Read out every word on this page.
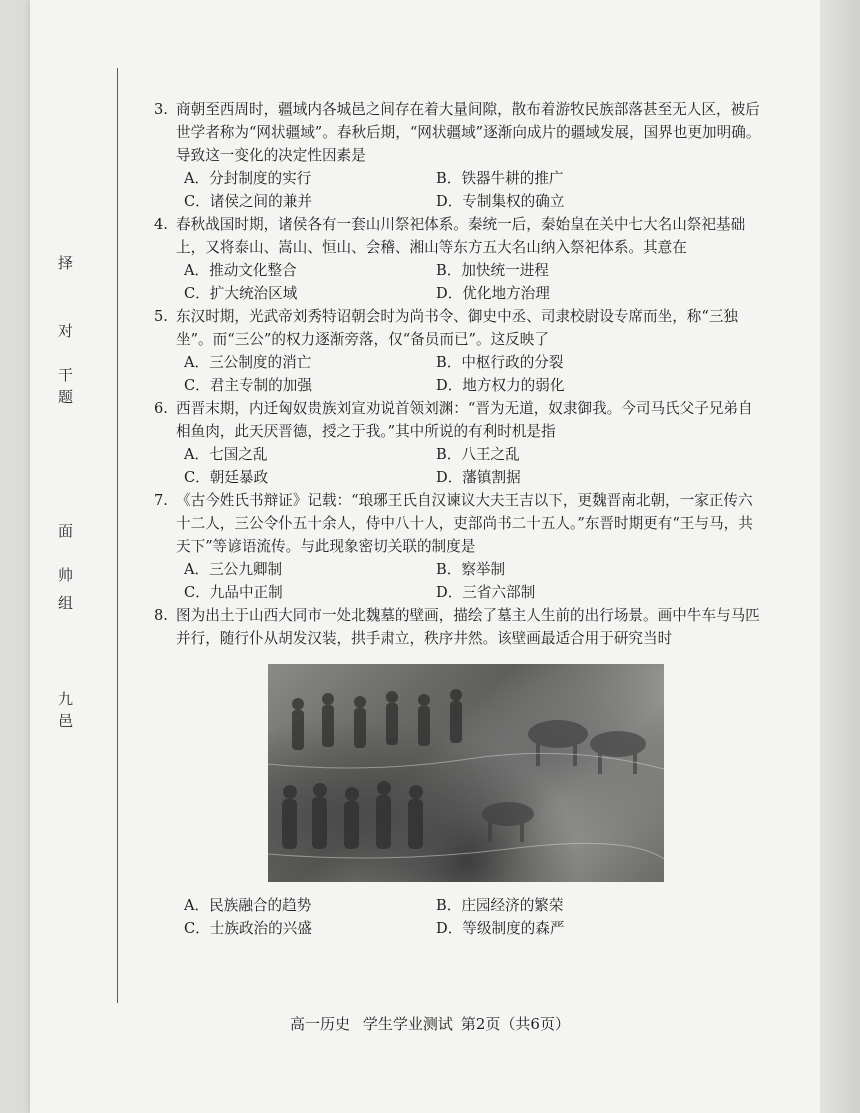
择
对
干
题
面
帅
组
九
邑
3. 商朝至西周时，疆域内各城邑之间存在着大量间隙，散布着游牧民族部落甚至无人区，被后世学者称为“网状疆域”。春秋后期，“网状疆域”逐渐向成片的疆域发展，国界也更加明确。导致这一变化的决定性因素是
A．分封制度的实行	B．铁器牛耕的推广
C．诸侯之间的兼并	D．专制集权的确立
4. 春秋战国时期，诸侯各有一套山川祭祀体系。秦统一后，秦始皇在关中七大名山祭祀基础上，又将泰山、嵩山、恒山、会稽、湘山等东方五大名山纳入祭祀体系。其意在
A．推动文化整合	B．加快统一进程
C．扩大统治区域	D．优化地方治理
5. 东汉时期，光武帝刘秀特诏朝会时为尚书令、御史中丞、司隶校尉设专席而坐，称“三独坐”。而“三公”的权力逐渐旁落，仅“备员而已”。这反映了
A．三公制度的消亡	B．中枢行政的分裂
C．君主专制的加强	D．地方权力的弱化
6. 西晋末期，内迁匈奴贵族刘宣劝说首领刘渊：“晋为无道，奴隶御我。今司马氏父子兄弟自相鱼肉，此天厌晋德，授之于我。”其中所说的有利时机是指
A．七国之乱	B．八王之乱
C．朝廷暴政	D．藩镇割据
7. 《古今姓氏书辩证》记载：“琅琊王氏自汉谏议大夫王吉以下，更魏晋南北朝，一家正传六十二人，三公令仆五十余人，侍中八十人，吏部尚书二十五人。”东晋时期更有“王与马，共天下”等谚语流传。与此现象密切关联的制度是
A．三公九卿制	B．察举制
C．九品中正制	D．三省六部制
8. 图为出土于山西大同市一处北魏墓的壁画，描绘了墓主人生前的出行场景。画中牛车与马匹并行，随行仆从胡发汉装，拱手肃立，秩序井然。该壁画最适合用于研究当时
A．民族融合的趋势	B．庄园经济的繁荣
C．士族政治的兴盛	D．等级制度的森严
高一历史 学生学业测试 第2页（共6页）
